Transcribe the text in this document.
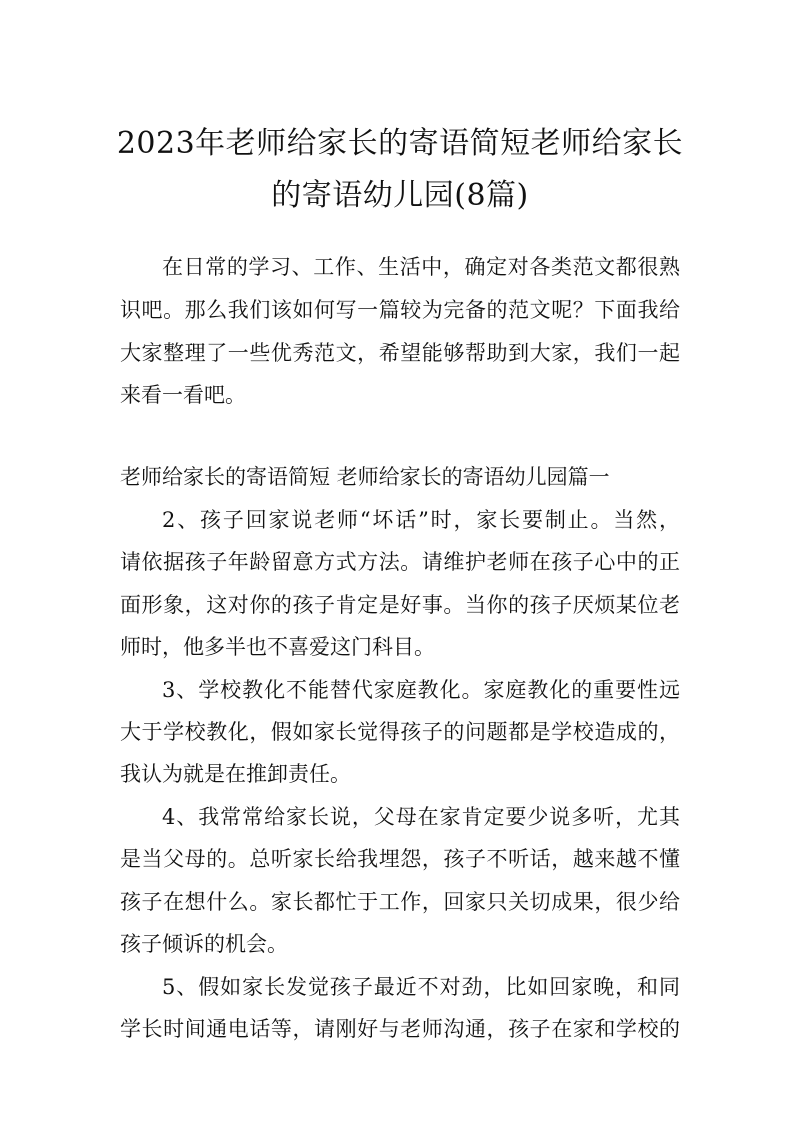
2023年老师给家长的寄语简短老师给家长
的寄语幼儿园(8篇)
在日常的学习、工作、生活中，确定对各类范文都很熟
识吧。那么我们该如何写一篇较为完备的范文呢？下面我给
大家整理了一些优秀范文，希望能够帮助到大家，我们一起
来看一看吧。
老师给家长的寄语简短 老师给家长的寄语幼儿园篇一
2、孩子回家说老师“坏话”时，家长要制止。当然，
请依据孩子年龄留意方式方法。请维护老师在孩子心中的正
面形象，这对你的孩子肯定是好事。当你的孩子厌烦某位老
师时，他多半也不喜爱这门科目。
3、学校教化不能替代家庭教化。家庭教化的重要性远
大于学校教化，假如家长觉得孩子的问题都是学校造成的，
我认为就是在推卸责任。
4、我常常给家长说，父母在家肯定要少说多听，尤其
是当父母的。总听家长给我埋怨，孩子不听话，越来越不懂
孩子在想什么。家长都忙于工作，回家只关切成果，很少给
孩子倾诉的机会。
5、假如家长发觉孩子最近不对劲，比如回家晚，和同
学长时间通电话等，请刚好与老师沟通，孩子在家和学校的
